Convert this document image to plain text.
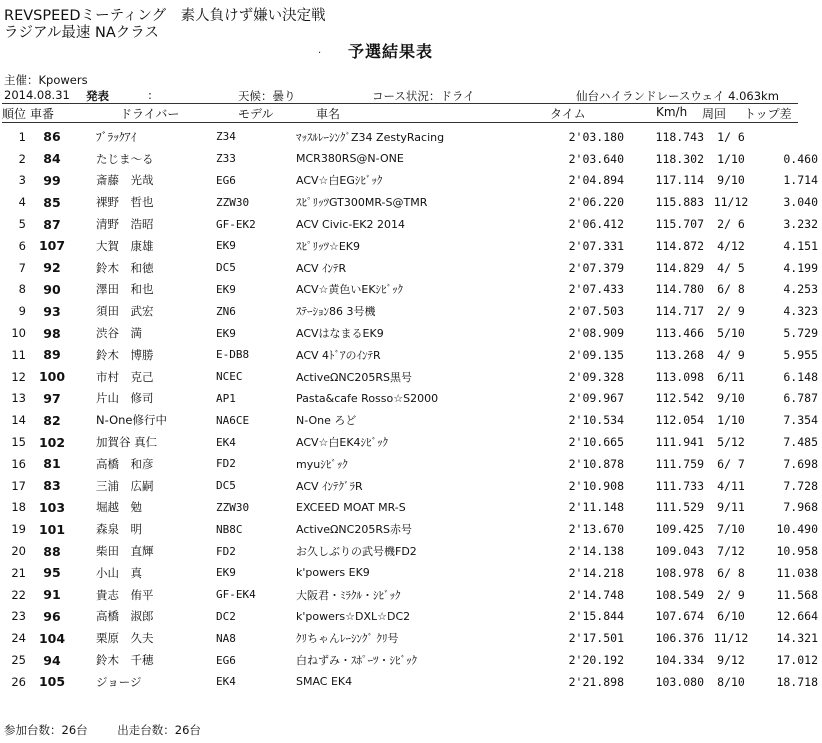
REVSPEEDミーティング　素人負けず嫌い決定戦
ラジアル最速 NAクラス
· 予選結果表
主催：Kpowers
2014.08.31 発表	:	天候：曇り	コース状況：ドライ	仙台ハイランドレースウェイ 4.063km
順位 車番	ドライバー	モデル	車名	タイム	Km/h 周回 トップ差
1	86	ﾌﾞﾗｯｸｱｲ	Z34	ﾏｯｽﾙﾚｰｼﾝｸﾞZ34 ZestyRacing	2'03.180	118.743	1/ 6	
2	84	たじま～る	Z33	MCR380RS@N-ONE	2'03.640	118.302	1/10	0.460
3	99	斎藤　光哉	EG6	ACV☆白EGｼﾋﾞｯｸ	2'04.894	117.114	9/10	1.714
4	85	裸野　哲也	ZZW30	ｽﾋﾟﾘｯﾂGT300MR-S@TMR	2'06.220	115.883	11/12	3.040
5	87	清野　浩昭	GF-EK2	ACV Civic-EK2 2014	2'06.412	115.707	2/ 6	3.232
6	107	大賀　康雄	EK9	ｽﾋﾟﾘｯﾂ☆EK9	2'07.331	114.872	4/12	4.151
7	92	鈴木　和徳	DC5	ACV ｲﾝﾃR	2'07.379	114.829	4/ 5	4.199
8	90	澤田　和也	EK9	ACV☆黄色いEKｼﾋﾞｯｸ	2'07.433	114.780	6/ 8	4.253
9	93	須田　武宏	ZN6	ｽﾃｰｼｮﾝ86 3号機	2'07.503	114.717	2/ 9	4.323
10	98	渋谷　満	EK9	ACVはなまるEK9	2'08.909	113.466	5/10	5.729
11	89	鈴木　博勝	E-DB8	ACV 4ﾄﾞｱのｲﾝﾃR	2'09.135	113.268	4/ 9	5.955
12	100	市村　克己	NCEC	ActiveΩNC205RS黒号	2'09.328	113.098	6/11	6.148
13	97	片山　修司	AP1	Pasta&cafe Rosso☆S2000	2'09.967	112.542	9/10	6.787
14	82	N-One修行中	NA6CE	N-One ろど	2'10.534	112.054	1/10	7.354
15	102	加賀谷 真仁	EK4	ACV☆白EK4ｼﾋﾞｯｸ	2'10.665	111.941	5/12	7.485
16	81	高橋　和彦	FD2	myuｼﾋﾞｯｸ	2'10.878	111.759	6/ 7	7.698
17	83	三浦　広嗣	DC5	ACV ｲﾝﾃｸﾞﾗR	2'10.908	111.733	4/11	7.728
18	103	堀越　勉	ZZW30	EXCEED MOAT MR-S	2'11.148	111.529	9/11	7.968
19	101	森泉　明	NB8C	ActiveΩNC205RS赤号	2'13.670	109.425	7/10	10.490
20	88	柴田　直輝	FD2	お久しぶりの武号機FD2	2'14.138	109.043	7/12	10.958
21	95	小山　真	EK9	k'powers EK9	2'14.218	108.978	6/ 8	11.038
22	91	貴志　侑平	GF-EK4	大阪君・ﾐﾗｸﾙ・ｼﾋﾞｯｸ	2'14.748	108.549	2/ 9	11.568
23	96	高橋　淑郎	DC2	k'powers☆DXL☆DC2	2'15.844	107.674	6/10	12.664
24	104	栗原　久夫	NA8	ｸﾘちゃんﾚｰｼﾝｸﾞ ｸﾘ号	2'17.501	106.376	11/12	14.321
25	94	鈴木　千穂	EG6	白ねずみ・ｽﾎﾟｰﾂ・ｼﾋﾞｯｸ	2'20.192	104.334	9/12	17.012
26	105	ジョージ	EK4	SMAC EK4	2'21.898	103.080	8/10	18.718
参加台数：26台	出走台数：26台
